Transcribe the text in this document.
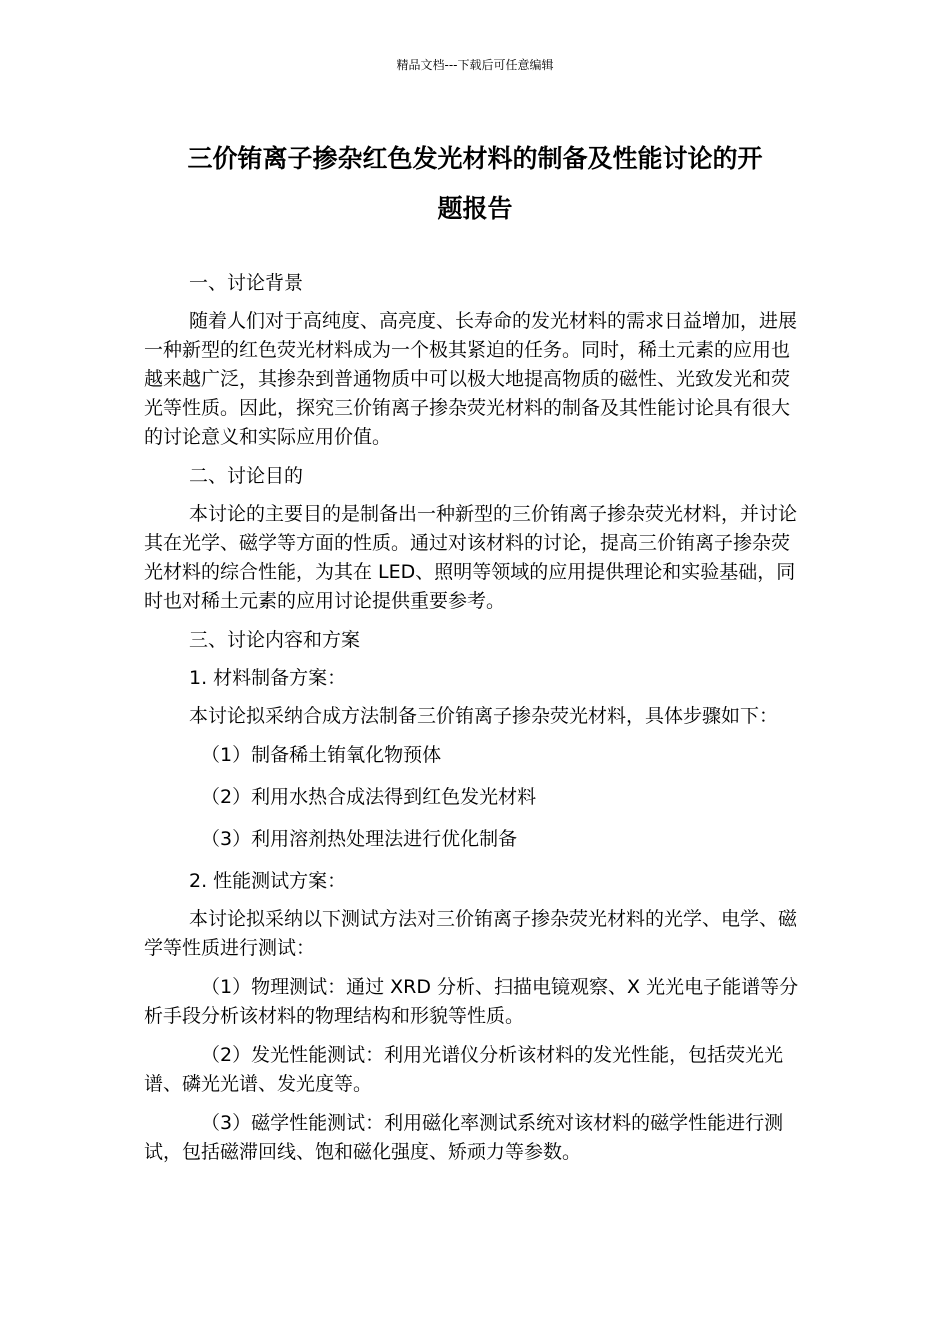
精品文档---下载后可任意编辑
三价铕离子掺杂红色发光材料的制备及性能讨论的开
题报告
一、讨论背景
随着人们对于高纯度、高亮度、长寿命的发光材料的需求日益增加，进展一种新型的红色荧光材料成为一个极其紧迫的任务。同时，稀土元素的应用也越来越广泛，其掺杂到普通物质中可以极大地提高物质的磁性、光致发光和荧光等性质。因此，探究三价铕离子掺杂荧光材料的制备及其性能讨论具有很大的讨论意义和实际应用价值。
二、讨论目的
本讨论的主要目的是制备出一种新型的三价铕离子掺杂荧光材料，并讨论其在光学、磁学等方面的性质。通过对该材料的讨论，提高三价铕离子掺杂荧光材料的综合性能，为其在 LED、照明等领域的应用提供理论和实验基础，同时也对稀土元素的应用讨论提供重要参考。
三、讨论内容和方案
1. 材料制备方案：
本讨论拟采纳合成方法制备三价铕离子掺杂荧光材料，具体步骤如下：
（1）制备稀土铕氧化物预体
（2）利用水热合成法得到红色发光材料
（3）利用溶剂热处理法进行优化制备
2. 性能测试方案：
本讨论拟采纳以下测试方法对三价铕离子掺杂荧光材料的光学、电学、磁学等性质进行测试：
（1）物理测试：通过 XRD 分析、扫描电镜观察、X 光光电子能谱等分析手段分析该材料的物理结构和形貌等性质。
（2）发光性能测试：利用光谱仪分析该材料的发光性能，包括荧光光谱、磷光光谱、发光度等。
（3）磁学性能测试：利用磁化率测试系统对该材料的磁学性能进行测试，包括磁滞回线、饱和磁化强度、矫顽力等参数。
